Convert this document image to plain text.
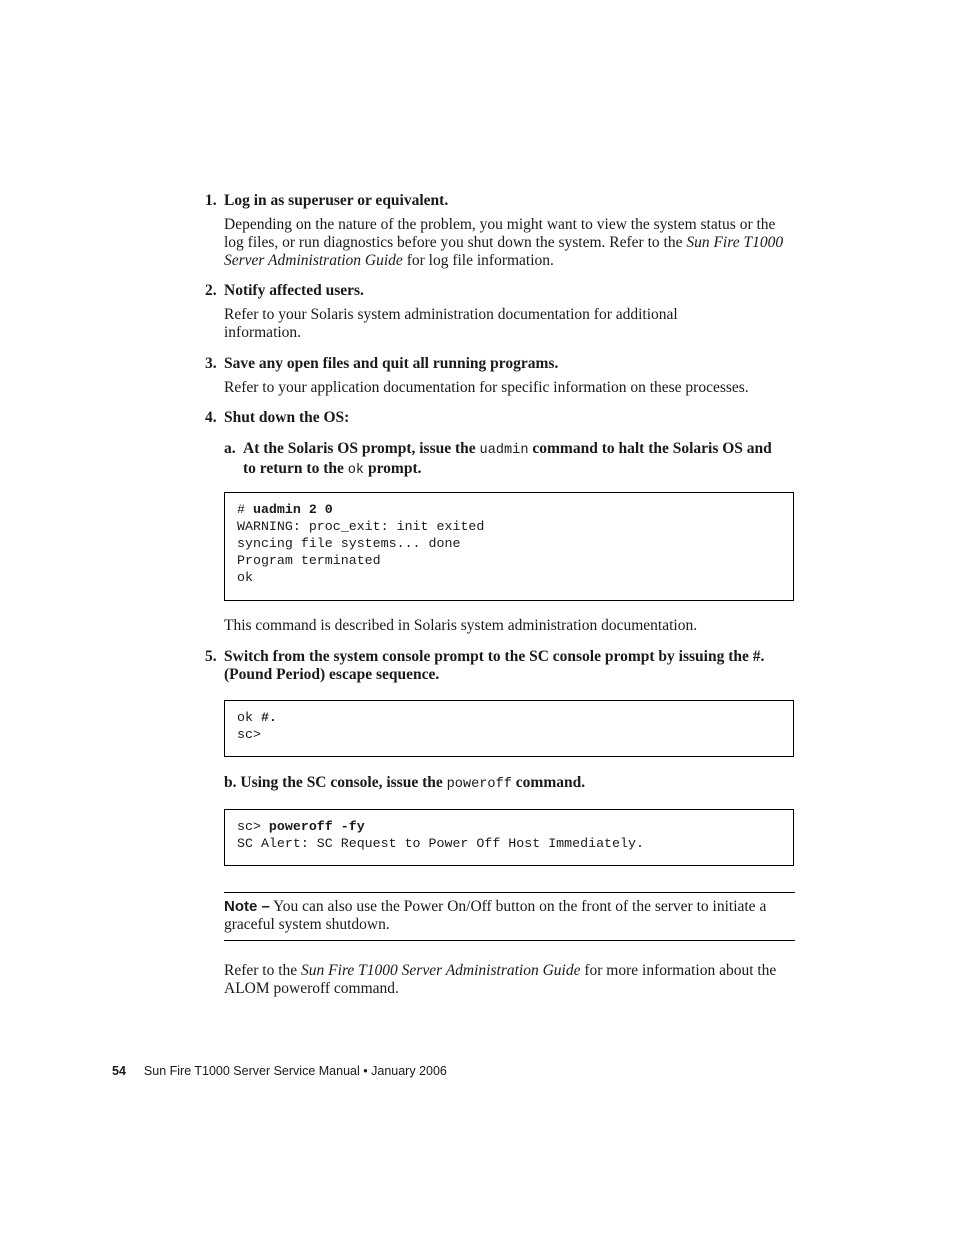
1. Log in as superuser or equivalent.
Depending on the nature of the problem, you might want to view the system status or the log files, or run diagnostics before you shut down the system. Refer to the Sun Fire T1000 Server Administration Guide for log file information.
2. Notify affected users.
Refer to your Solaris system administration documentation for additional information.
3. Save any open files and quit all running programs.
Refer to your application documentation for specific information on these processes.
4. Shut down the OS:
a. At the Solaris OS prompt, issue the uadmin command to halt the Solaris OS and to return to the ok prompt.
# uadmin 2 0
WARNING: proc_exit: init exited
syncing file systems... done
Program terminated
ok
This command is described in Solaris system administration documentation.
5. Switch from the system console prompt to the SC console prompt by issuing the #. (Pound Period) escape sequence.
ok #.
sc>
b. Using the SC console, issue the poweroff command.
sc> poweroff -fy
SC Alert: SC Request to Power Off Host Immediately.
Note – You can also use the Power On/Off button on the front of the server to initiate a graceful system shutdown.
Refer to the Sun Fire T1000 Server Administration Guide for more information about the ALOM poweroff command.
54 Sun Fire T1000 Server Service Manual • January 2006
